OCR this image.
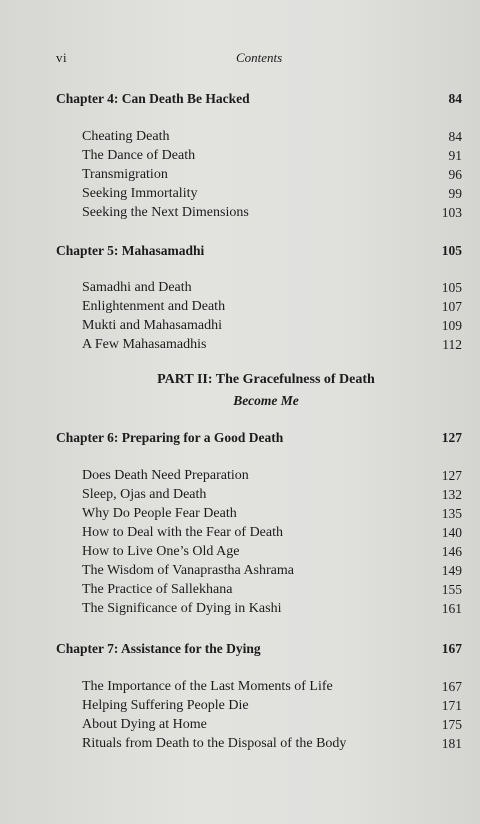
vi	Contents
Chapter 4: Can Death Be Hacked	84
Cheating Death	84
The Dance of Death	91
Transmigration	96
Seeking Immortality	99
Seeking the Next Dimensions	103
Chapter 5: Mahasamadhi	105
Samadhi and Death	105
Enlightenment and Death	107
Mukti and Mahasamadhi	109
A Few Mahasamadhis	112
PART II: The Gracefulness of Death
Become Me
Chapter 6: Preparing for a Good Death	127
Does Death Need Preparation	127
Sleep, Ojas and Death	132
Why Do People Fear Death	135
How to Deal with the Fear of Death	140
How to Live One’s Old Age	146
The Wisdom of Vanaprastha Ashrama	149
The Practice of Sallekhana	155
The Significance of Dying in Kashi	161
Chapter 7: Assistance for the Dying	167
The Importance of the Last Moments of Life	167
Helping Suffering People Die	171
About Dying at Home	175
Rituals from Death to the Disposal of the Body	181
